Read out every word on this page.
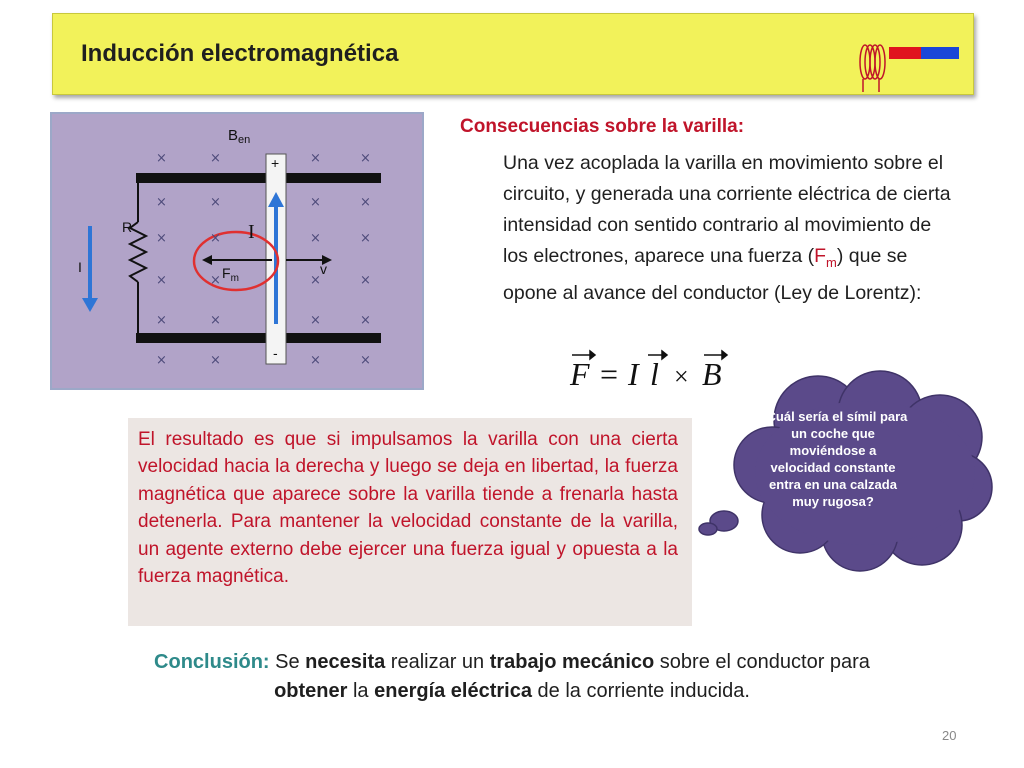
Inducción electromagnética
×	×	×	×
×	×	×	×
×	×	×	×
×	×	×	×
×	×	×	×
×	×	×	×
$B_{en}$
R
I
I
$F_m$
v
+
-
Consecuencias sobre la varilla:
Una vez acoplada la varilla en movimiento sobre el circuito, y generada una corriente eléctrica de cierta intensidad con sentido contrario al movimiento de los electrones, aparece una fuerza $(F_m)$ que se opone al avance del conductor (Ley de Lorentz):
F = I l × B
El resultado es que si impulsamos la varilla con una cierta velocidad hacia la derecha y luego se deja en libertad, la fuerza magnética que aparece sobre la varilla tiende a frenarla hasta detenerla. Para mantener la velocidad constante de la varilla, un agente externo debe ejercer una fuerza igual y opuesta a la fuerza magnética.
¿Cuál sería el símil para un coche que moviéndose a velocidad constante entra en una calzada muy rugosa?
Conclusión: Se necesita realizar un trabajo mecánico sobre el conductor para obtener la energía eléctrica de la corriente inducida.
20
